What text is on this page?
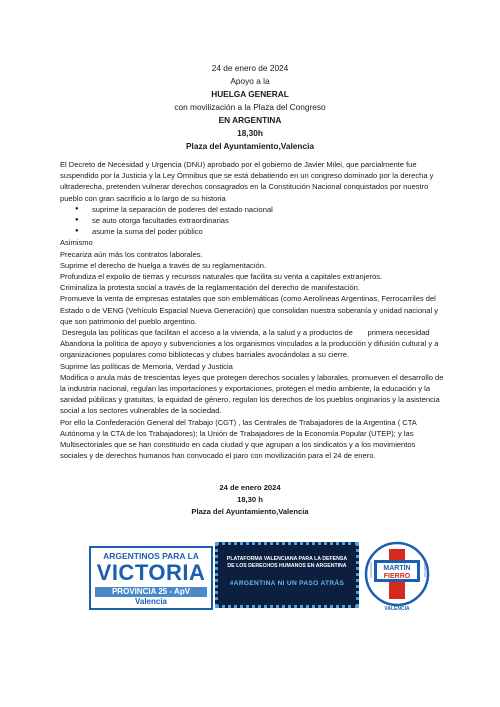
24 de enero de 2024
Apoyo a la
HUELGA GENERAL
con movilización a la Plaza del Congreso
EN ARGENTINA
18,30h
Plaza del Ayuntamiento,Valencia

El Decreto de Necesidad y Urgencia (DNU) aprobado por el gobierno de Javier Milei, que parcialmente fue suspendido por la Justicia y la Ley Ómnibus que se está debatiendo en un congreso dominado por la derecha y ultraderecha, pretenden vulnerar derechos consagrados en la Constitución Nacional conquistados por nuestro pueblo con gran sacrificio a lo largo de su historia

● suprime la separación de poderes del estado nacional
● se auto otorga facultades extraordinarias
● asume la suma del poder público

Asimismo

Precariza aún más los contratos laborales.

Suprime el derecho de huelga a través de su reglamentación.

Profundiza el expolio de tierras y recursos naturales que facilita su venta a capitales extranjeros.

Criminaliza la protesta social a través de la reglamentación del derecho de manifestación.

Promueve la venta de empresas estatales que son emblemáticas (como Aerolíneas Argentinas, Ferrocarriles del Estado o de VENG (Vehículo Espacial Nueva Generación) que consolidan nuestra soberanía y unidad nacional y que son patrimonio del pueblo argentino.

Desregula las políticas que facilitan el acceso a la vivienda, a la salud y a productos de       primera necesidad

Abandona la política de apoyo y subvenciones a los organismos vinculados a la producción y difusión cultural y a organizaciones populares como bibliotecas y clubes barriales avocándolas a su cierre.

Suprime las políticas de Memoria, Verdad y Justicia

Modifica o anula más de trescientas leyes que protegen derechos sociales y laborales, promueven el desarrollo de la industria nacional, regulan las importaciones y exportaciones, protegen el medio ambiente, la educación y la sanidad públicas y gratuitas, la equidad de género, regulan los derechos de los pueblos originarios y la asistencia social a los sectores vulnerables de la sociedad.

Por ello la Confederación General del Trabajo (CGT) , las Centrales de Trabajadores de la Argentina ( CTA Autónoma y la CTA de los Trabajadores); la Unión de Trabajadores de la Economía Popular (UTEP); y las Multisectoriales que se han constituido en cada ciudad y que agrupan a los sindicatos y a los movimientos sociales y de derechos humanos han convocado el paro con movilización para el 24 de enero.

24 de enero 2024
18,30 h
Plaza del Ayuntamiento,Valencia
ARGENTINOS PARA LA
VICTORIA
PROVINCIA 25 - ApV
Valencia
PLATAFORMA VALENCIANA PARA LA DEFENSA
DE LOS DERECHOS HUMANOS EN ARGENTINA
#ARGENTINA NI UN PASO ATRÁS
MARTÍN
FIERRO
ASOCIACIÓN	ARGENTINA
VALENCIA
